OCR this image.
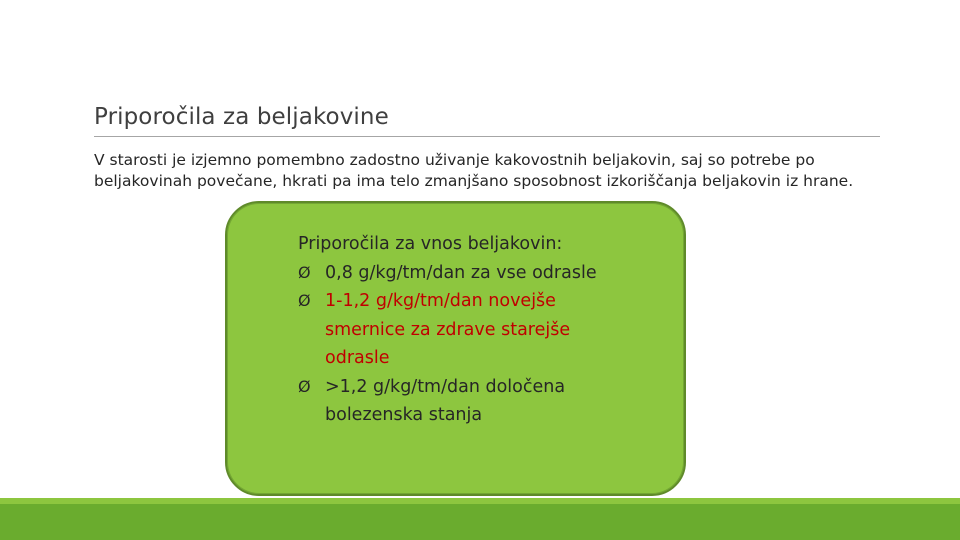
Priporočila za beljakovine

V starosti je izjemno pomembno zadostno uživanje kakovostnih beljakovin, saj so potrebe po beljakovinah povečane, hkrati pa ima telo zmanjšano sposobnost izkoriščanja beljakovin iz hrane.

Priporočila za vnos beljakovin:

Ø 0,8 g/kg/tm/dan za vse odrasle
Ø 1-1,2 g/kg/tm/dan novejše smernice za zdrave starejše odrasle
Ø >1,2 g/kg/tm/dan določena bolezenska stanja
